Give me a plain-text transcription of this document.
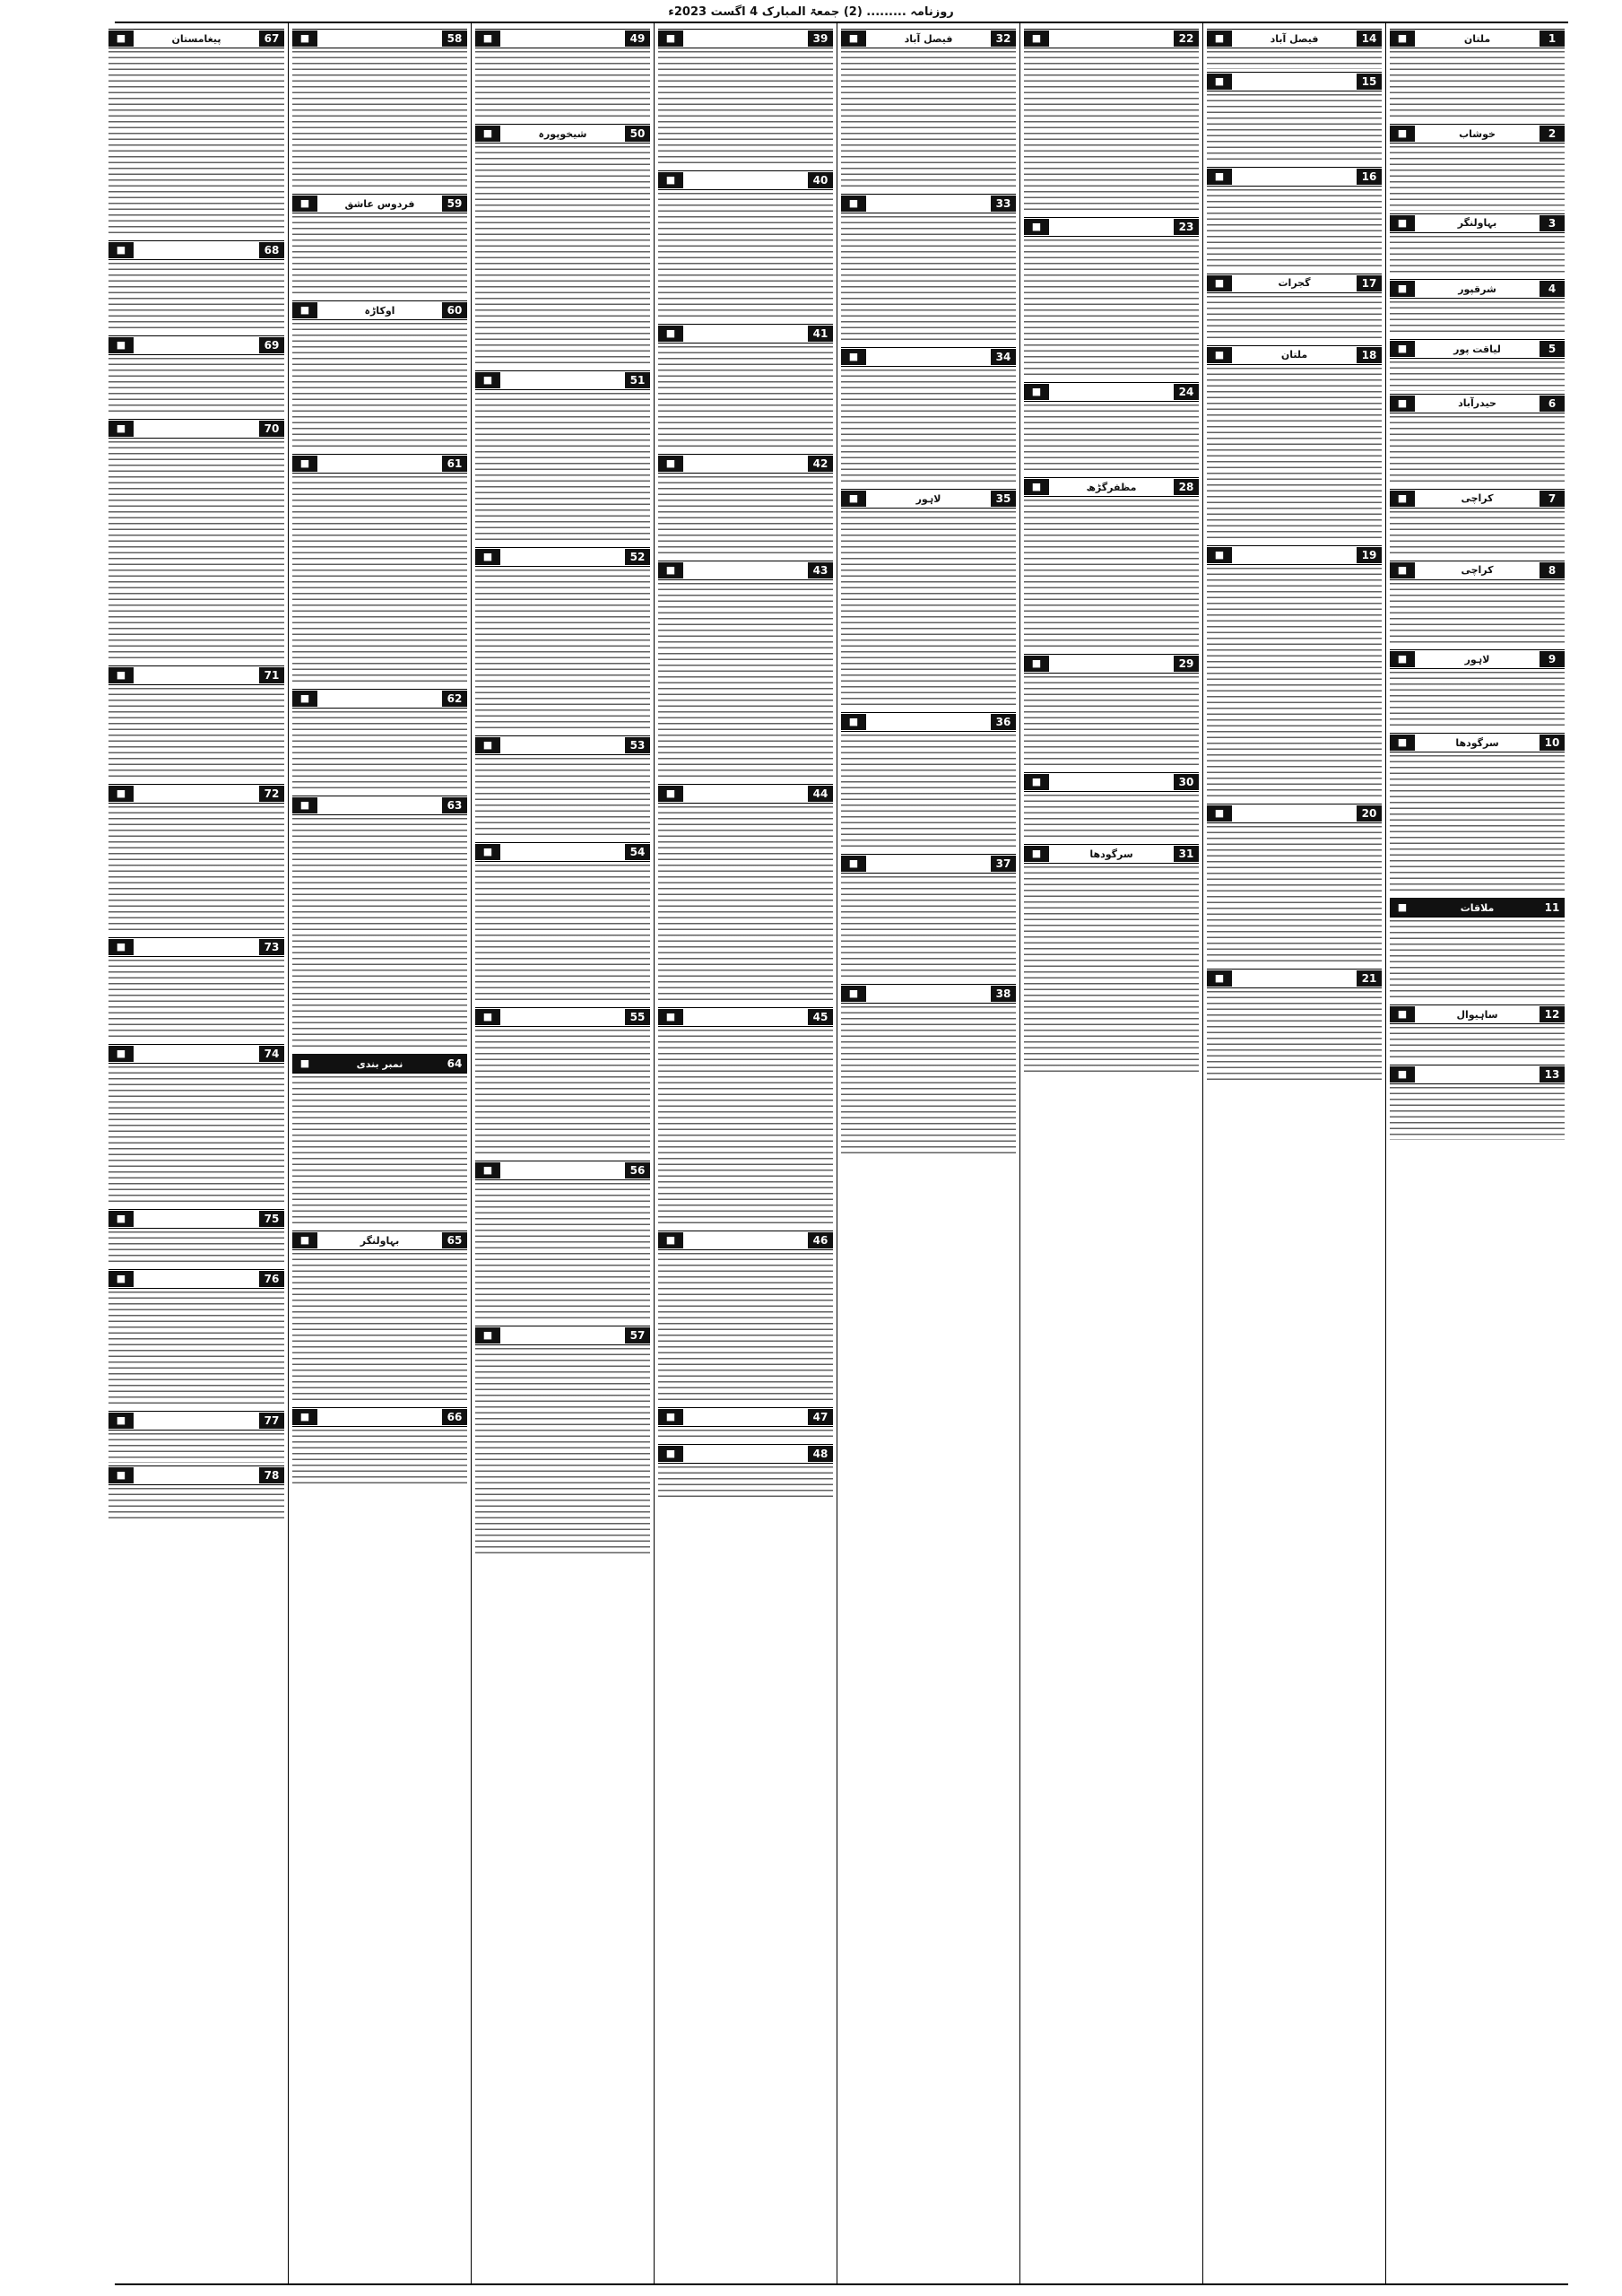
روزنامہ ......... (2) جمعۃ المبارک 4 اگست 2023ء
1
ملتان
■
2
خوشاب
■
3
بہاولنگر
■
4
شرقپور
■
5
لیاقت پور
■
6
حیدرآباد
■
7
کراچی
■
8
کراچی
■
9
لاہور
■
10
سرگودھا
■
11
ملاقات
■
12
ساہیوال
■
13
■
14
فیصل آباد
■
15
■
16
■
17
گجرات
■
18
ملتان
■
19
■
20
■
21
■
22
■
23
■
24
■
28
مظفرگڑھ
■
29
■
30
■
31
سرگودھا
■
32
فیصل آباد
■
33
■
34
■
35
لاہور
■
36
■
37
■
38
■
39
■
40
■
41
■
42
■
43
■
44
■
45
■
46
■
47
■
48
■
49
■
50
شیخوپورہ
■
51
■
52
■
53
■
54
■
55
■
56
■
57
■
58
■
59
فردوس عاشق
■
60
اوکاڑہ
■
61
■
62
■
63
■
64
نمبر بندی
■
65
بہاولنگر
■
66
■
67
پیغامستان
■
68
■
69
■
70
■
71
■
72
■
73
■
74
■
75
■
76
■
77
■
78
■
